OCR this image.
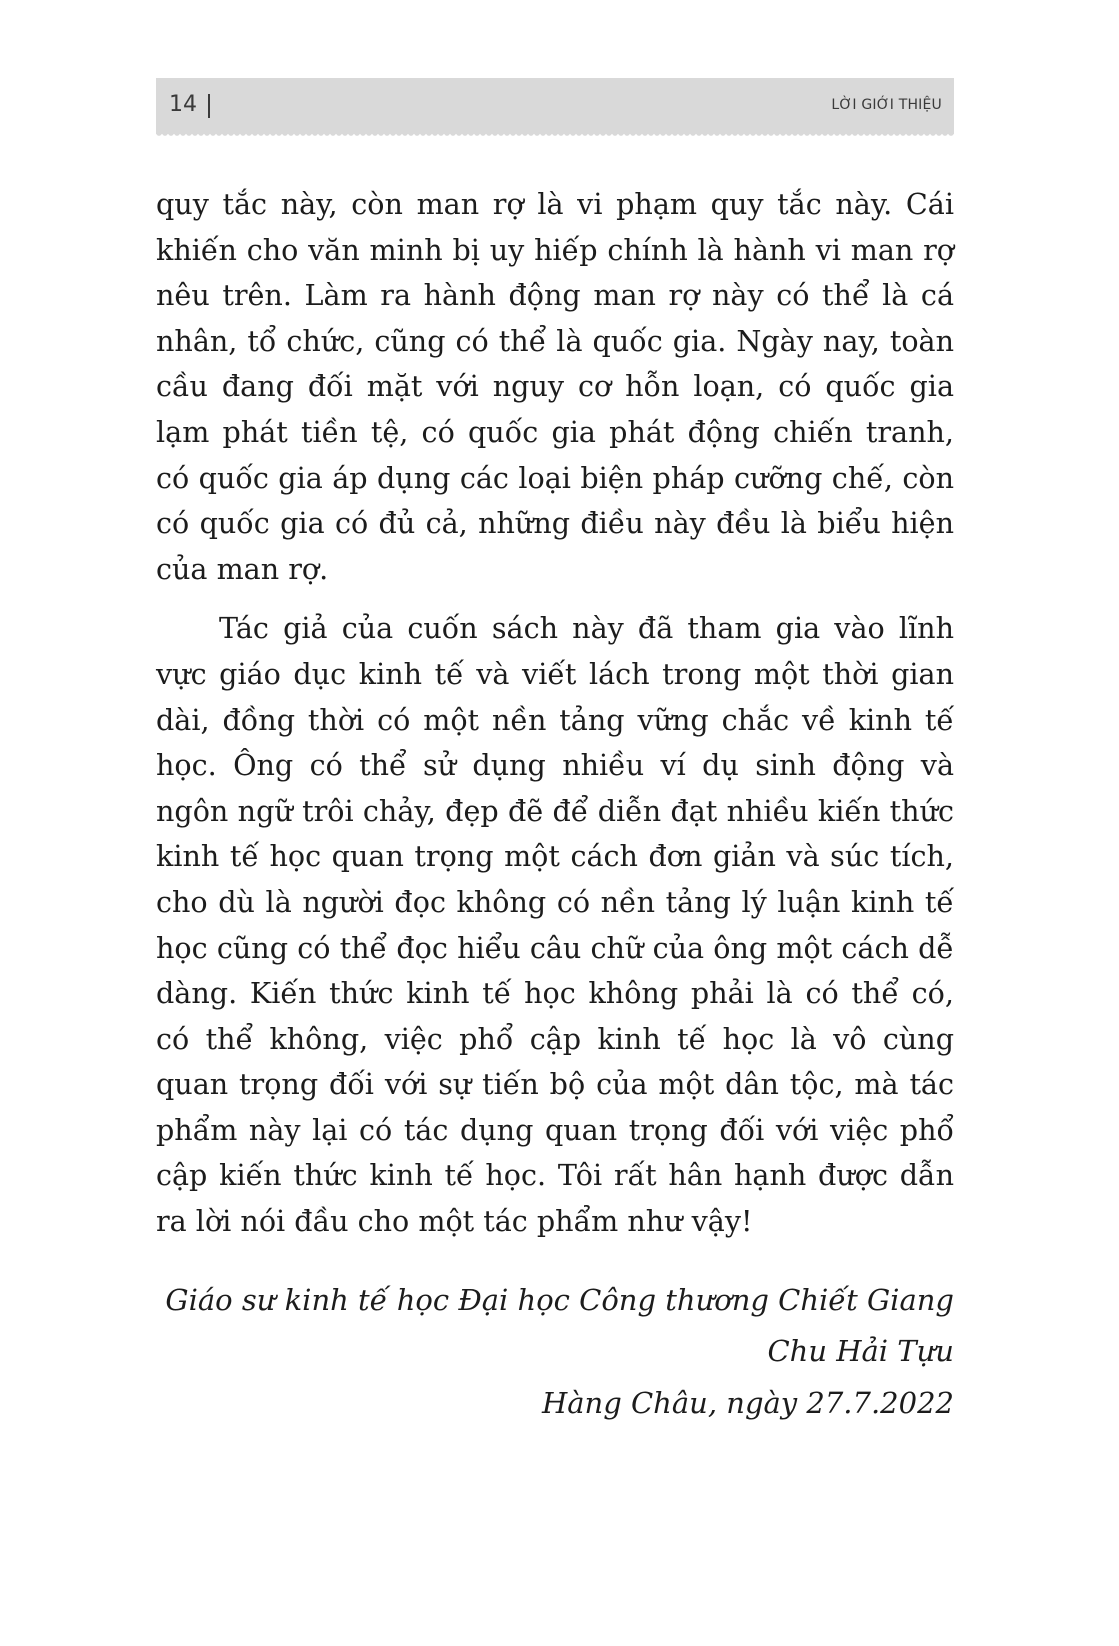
14	LỜI GIỚI THIỆU

quy tắc này, còn man rợ là vi phạm quy tắc này. Cái khiến cho văn minh bị uy hiếp chính là hành vi man rợ nêu trên. Làm ra hành động man rợ này có thể là cá nhân, tổ chức, cũng có thể là quốc gia. Ngày nay, toàn cầu đang đối mặt với nguy cơ hỗn loạn, có quốc gia lạm phát tiền tệ, có quốc gia phát động chiến tranh, có quốc gia áp dụng các loại biện pháp cưỡng chế, còn có quốc gia có đủ cả, những điều này đều là biểu hiện của man rợ.

Tác giả của cuốn sách này đã tham gia vào lĩnh vực giáo dục kinh tế và viết lách trong một thời gian dài, đồng thời có một nền tảng vững chắc về kinh tế học. Ông có thể sử dụng nhiều ví dụ sinh động và ngôn ngữ trôi chảy, đẹp đẽ để diễn đạt nhiều kiến thức kinh tế học quan trọng một cách đơn giản và súc tích, cho dù là người đọc không có nền tảng lý luận kinh tế học cũng có thể đọc hiểu câu chữ của ông một cách dễ dàng. Kiến thức kinh tế học không phải là có thể có, có thể không, việc phổ cập kinh tế học là vô cùng quan trọng đối với sự tiến bộ của một dân tộc, mà tác phẩm này lại có tác dụng quan trọng đối với việc phổ cập kiến thức kinh tế học. Tôi rất hân hạnh được dẫn ra lời nói đầu cho một tác phẩm như vậy!

Giáo sư kinh tế học Đại học Công thương Chiết Giang
Chu Hải Tựu
Hàng Châu, ngày 27.7.2022
